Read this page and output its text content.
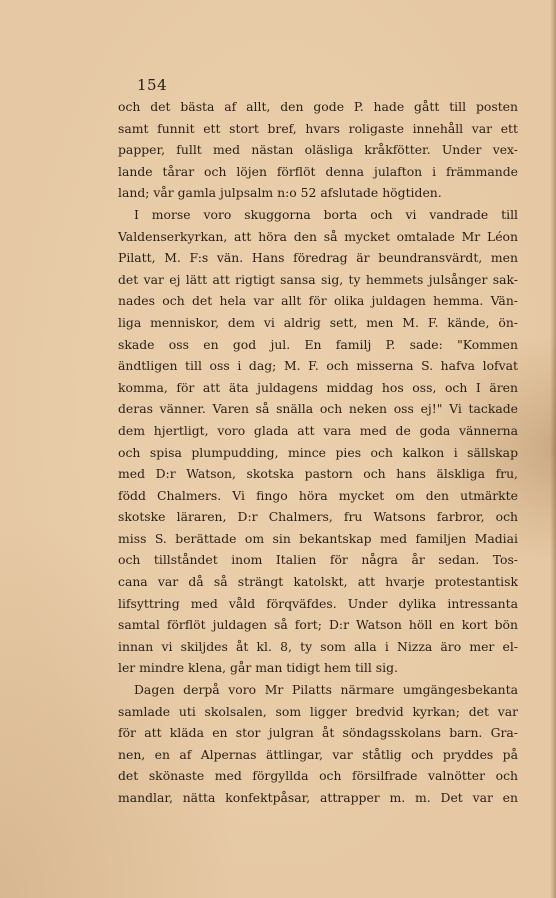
154
och det bästa af allt, den gode P. hade gått till posten
samt funnit ett stort bref, hvars roligaste innehåll var ett
papper, fullt med nästan oläsliga kråkfötter. Under vex-
lande tårar och löjen förflöt denna julafton i främmande
land; vår gamla julpsalm n:o 52 afslutade högtiden.
I morse voro skuggorna borta och vi vandrade till
Valdenserkyrkan, att höra den så mycket omtalade Mr Léon
Pilatt, M. F:s vän. Hans föredrag är beundransvärdt, men
det var ej lätt att rigtigt sansa sig, ty hemmets julsånger sak-
nades och det hela var allt för olika juldagen hemma. Vän-
liga menniskor, dem vi aldrig sett, men M. F. kände, ön-
skade oss en god jul. En familj P. sade: "Kommen
ändtligen till oss i dag; M. F. och misserna S. hafva lofvat
komma, för att äta juldagens middag hos oss, och I ären
deras vänner. Varen så snälla och neken oss ej!" Vi tackade
dem hjertligt, voro glada att vara med de goda vännerna
och spisa plumpudding, mince pies och kalkon i sällskap
med D:r Watson, skotska pastorn och hans älskliga fru,
född Chalmers. Vi fingo höra mycket om den utmärkte
skotske läraren, D:r Chalmers, fru Watsons farbror, och
miss S. berättade om sin bekantskap med familjen Madiai
och tillståndet inom Italien för några år sedan. Tos-
cana var då så strängt katolskt, att hvarje protestantisk
lifsyttring med våld förqväfdes. Under dylika intressanta
samtal förflöt juldagen så fort; D:r Watson höll en kort bön
innan vi skiljdes åt kl. 8, ty som alla i Nizza äro mer el-
ler mindre klena, går man tidigt hem till sig.
Dagen derpå voro Mr Pilatts närmare umgängesbekanta
samlade uti skolsalen, som ligger bredvid kyrkan; det var
för att kläda en stor julgran åt söndagsskolans barn. Gra-
nen, en af Alpernas ättlingar, var ståtlig och pryddes på
det skönaste med förgyllda och försilfrade valnötter och
mandlar, nätta konfektpåsar, attrapper m. m. Det var en
